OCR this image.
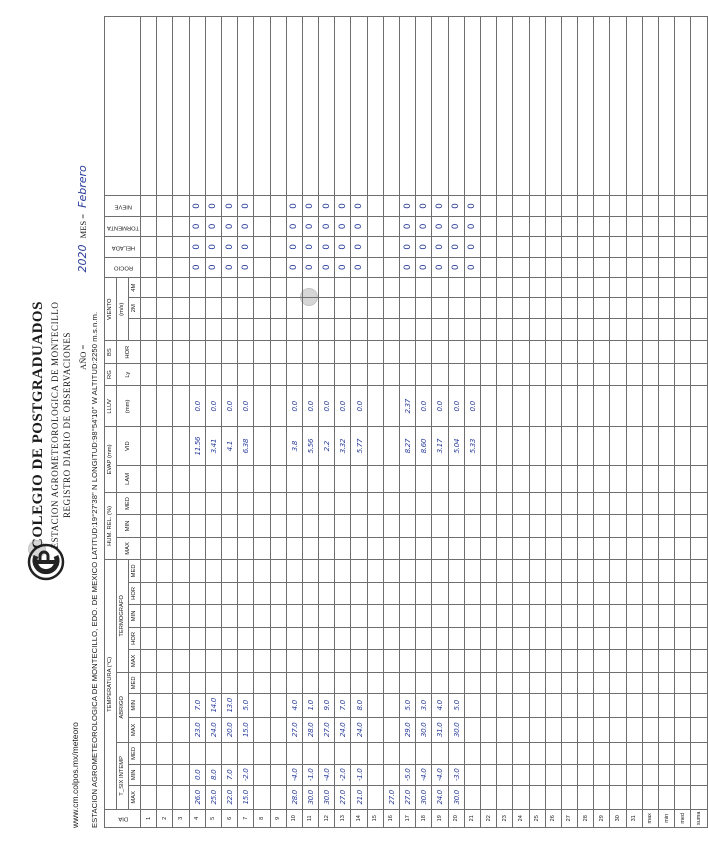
COLEGIO DE POSTGRADUADOS ESTACION AGROMETEOROLOGICA DE MONTECILLO REGISTRO DIARIO DE OBSERVACIONES
www.cm.colpos.mx/meteoro
AÑO = 2020 MES = Febrero
ESTACION AGROMETEOROLOGICA DE MONTECILLO, EDO. DE MEXICO LATITUD:19°27'38" N LONGITUD:98°54'10" W ALTITUD:2250 m.s.n.m.	DIA	TEMPERATURA (°C)											HUM. REL. (%)			EVAP (mm)		LLUV	RG	BS	VIENTO			ROCIO	HELADA	TORMENTA	NIEVE	
	T_SIX INTEMP			ABRIGO			TERMOGRAFO																				
												MAX	MIN	MED	LAM	VID	(mm)	Ly	HOR	(m/s)							
	MAX	MIN	MED	MAX	MIN	MED	MAX	HOR	MIN	HOR	MED										2M	4M					
1																											
2																											
3																											
4	26.0	0.0		23.0	7.0											11.56	0.0						0	0	0	0	
5	25.0	8.0		24.0	14.0											3.41	0.0						0	0	0	0	
6	22.0	7.0		20.0	13.0											4.1	0.0						0	0	0	0	
7	15.0	-2.0		15.0	5.0											6.38	0.0						0	0	0	0	
8																											
9																											
10	28.0	-4.0		27.0	4.0											3.8	0.0						0	0	0	0	
11	30.0	-1.0		28.0	1.0											5.56	0.0						0	0	0	0	
12	30.0	-4.0		27.0	9.0											2.2	0.0						0	0	0	0	
13	27.0	-2.0		24.0	7.0											3.32	0.0						0	0	0	0	
14	21.0	-1.0		24.0	8.0											5.77	0.0						0	0	0	0	
15																											
16	27.0																										
17	27.0	-5.0		29.0	5.0											8.27	2.37						0	0	0	0	
18	30.0	-4.0		30.0	3.0											8.60	0.0						0	0	0	0	
19	24.0	-4.0		31.0	4.0											3.17	0.0						0	0	0	0	
20	30.0	-3.0		30.0	5.0											5.04	0.0						0	0	0	0	
21																5.33	0.0						0	0	0	0	
22																											
23																											
24																											
25																											
26																											
27																											
28																											
29																											
30																											
31																											
max																											
min																											
med																											
suma																											
